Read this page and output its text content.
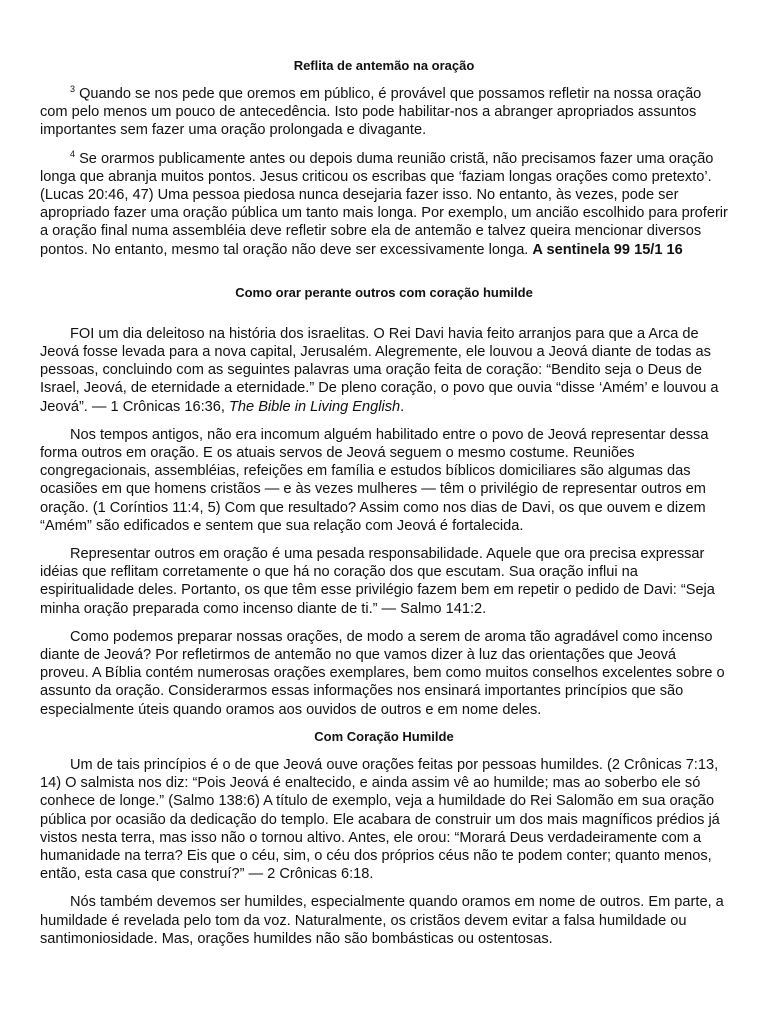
Reflita de antemão na oração

$^3$ Quando se nos pede que oremos em público, é provável que possamos refletir na nossa oração com pelo menos um pouco de antecedência. Isto pode habilitar-nos a abranger apropriados assuntos importantes sem fazer uma oração prolongada e divagante.

$^4$ Se orarmos publicamente antes ou depois duma reunião cristã, não precisamos fazer uma oração longa que abranja muitos pontos. Jesus criticou os escribas que ‘faziam longas orações como pretexto’. (Lucas 20:46, 47) Uma pessoa piedosa nunca desejaria fazer isso. No entanto, às vezes, pode ser apropriado fazer uma oração pública um tanto mais longa. Por exemplo, um ancião escolhido para proferir a oração final numa assembléia deve refletir sobre ela de antemão e talvez queira mencionar diversos pontos. No entanto, mesmo tal oração não deve ser excessivamente longa. A sentinela 99 15/1 16

Como orar perante outros com coração humilde

FOI um dia deleitoso na história dos israelitas. O Rei Davi havia feito arranjos para que a Arca de Jeová fosse levada para a nova capital, Jerusalém. Alegremente, ele louvou a Jeová diante de todas as pessoas, concluindo com as seguintes palavras uma oração feita de coração: “Bendito seja o Deus de Israel, Jeová, de eternidade a eternidade.” De pleno coração, o povo que ouvia “disse ‘Amém’ e louvou a Jeová”. — 1 Crônicas 16:36, The Bible in Living English.

Nos tempos antigos, não era incomum alguém habilitado entre o povo de Jeová representar dessa forma outros em oração. E os atuais servos de Jeová seguem o mesmo costume. Reuniões congregacionais, assembléias, refeições em família e estudos bíblicos domiciliares são algumas das ocasiões em que homens cristãos — e às vezes mulheres — têm o privilégio de representar outros em oração. (1 Coríntios 11:4, 5) Com que resultado? Assim como nos dias de Davi, os que ouvem e dizem “Amém” são edificados e sentem que sua relação com Jeová é fortalecida.

Representar outros em oração é uma pesada responsabilidade. Aquele que ora precisa expressar idéias que reflitam corretamente o que há no coração dos que escutam. Sua oração influi na espiritualidade deles. Portanto, os que têm esse privilégio fazem bem em repetir o pedido de Davi: “Seja minha oração preparada como incenso diante de ti.” — Salmo 141:2.

Como podemos preparar nossas orações, de modo a serem de aroma tão agradável como incenso diante de Jeová? Por refletirmos de antemão no que vamos dizer à luz das orientações que Jeová proveu. A Bíblia contém numerosas orações exemplares, bem como muitos conselhos excelentes sobre o assunto da oração. Considerarmos essas informações nos ensinará importantes princípios que são especialmente úteis quando oramos aos ouvidos de outros e em nome deles.

Com Coração Humilde

Um de tais princípios é o de que Jeová ouve orações feitas por pessoas humildes. (2 Crônicas 7:13, 14) O salmista nos diz: “Pois Jeová é enaltecido, e ainda assim vê ao humilde; mas ao soberbo ele só conhece de longe.” (Salmo 138:6) A título de exemplo, veja a humildade do Rei Salomão em sua oração pública por ocasião da dedicação do templo. Ele acabara de construir um dos mais magníficos prédios já vistos nesta terra, mas isso não o tornou altivo. Antes, ele orou: “Morará Deus verdadeiramente com a humanidade na terra? Eis que o céu, sim, o céu dos próprios céus não te podem conter; quanto menos, então, esta casa que construí?” — 2 Crônicas 6:18.

Nós também devemos ser humildes, especialmente quando oramos em nome de outros. Em parte, a humildade é revelada pelo tom da voz. Naturalmente, os cristãos devem evitar a falsa humildade ou santimoniosidade. Mas, orações humildes não são bombásticas ou ostentosas.
